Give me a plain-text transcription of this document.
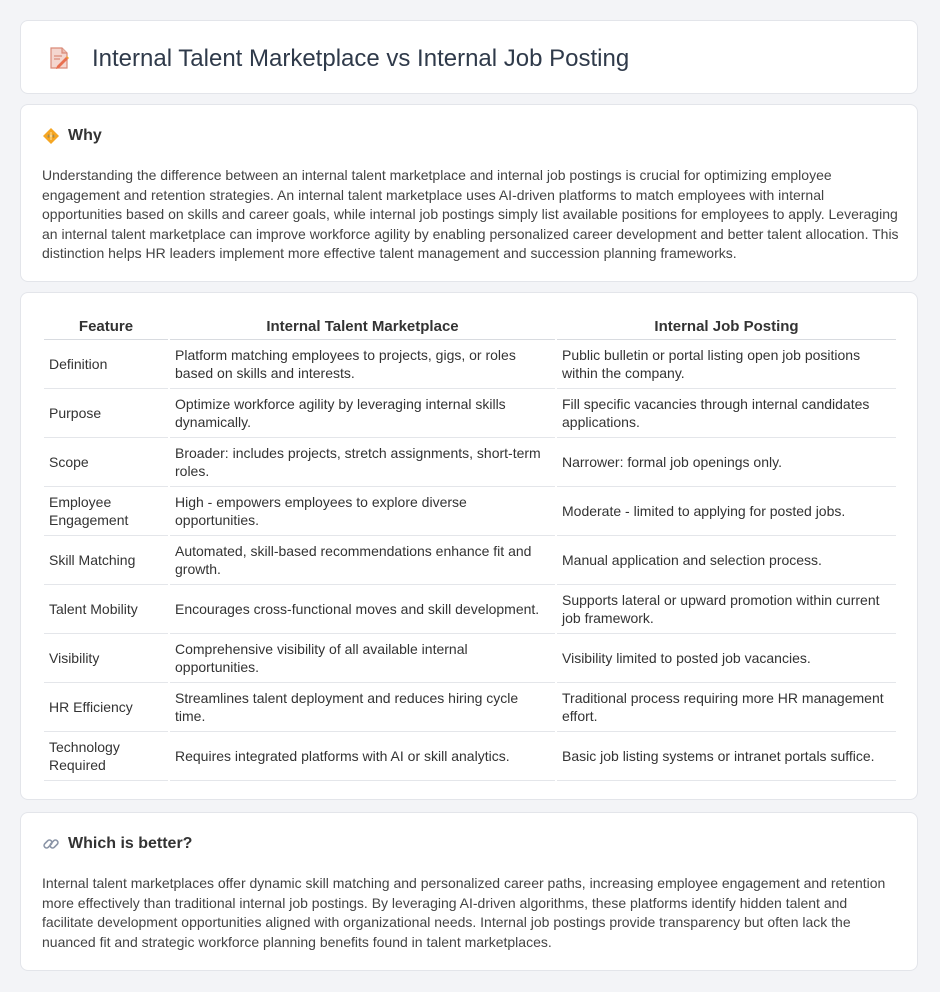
Internal Talent Marketplace vs Internal Job Posting
Why

Understanding the difference between an internal talent marketplace and internal job postings is crucial for optimizing employee engagement and retention strategies. An internal talent marketplace uses AI-driven platforms to match employees with internal opportunities based on skills and career goals, while internal job postings simply list available positions for employees to apply. Leveraging an internal talent marketplace can improve workforce agility by enabling personalized career development and better talent allocation. This distinction helps HR leaders implement more effective talent management and succession planning frameworks.

Feature	Internal Talent Marketplace	Internal Job Posting
Definition	Platform matching employees to projects, gigs, or roles based on skills and interests.	Public bulletin or portal listing open job positions within the company.
Purpose	Optimize workforce agility by leveraging internal skills dynamically.	Fill specific vacancies through internal candidates applications.
Scope	Broader: includes projects, stretch assignments, short-term roles.	Narrower: formal job openings only.
Employee Engagement	High - empowers employees to explore diverse opportunities.	Moderate - limited to applying for posted jobs.
Skill Matching	Automated, skill-based recommendations enhance fit and growth.	Manual application and selection process.
Talent Mobility	Encourages cross-functional moves and skill development.	Supports lateral or upward promotion within current job framework.
Visibility	Comprehensive visibility of all available internal opportunities.	Visibility limited to posted job vacancies.
HR Efficiency	Streamlines talent deployment and reduces hiring cycle time.	Traditional process requiring more HR management effort.
Technology Required	Requires integrated platforms with AI or skill analytics.	Basic job listing systems or intranet portals suffice.
Which is better?

Internal talent marketplaces offer dynamic skill matching and personalized career paths, increasing employee engagement and retention more effectively than traditional internal job postings. By leveraging AI-driven algorithms, these platforms identify hidden talent and facilitate development opportunities aligned with organizational needs. Internal job postings provide transparency but often lack the nuanced fit and strategic workforce planning benefits found in talent marketplaces.
